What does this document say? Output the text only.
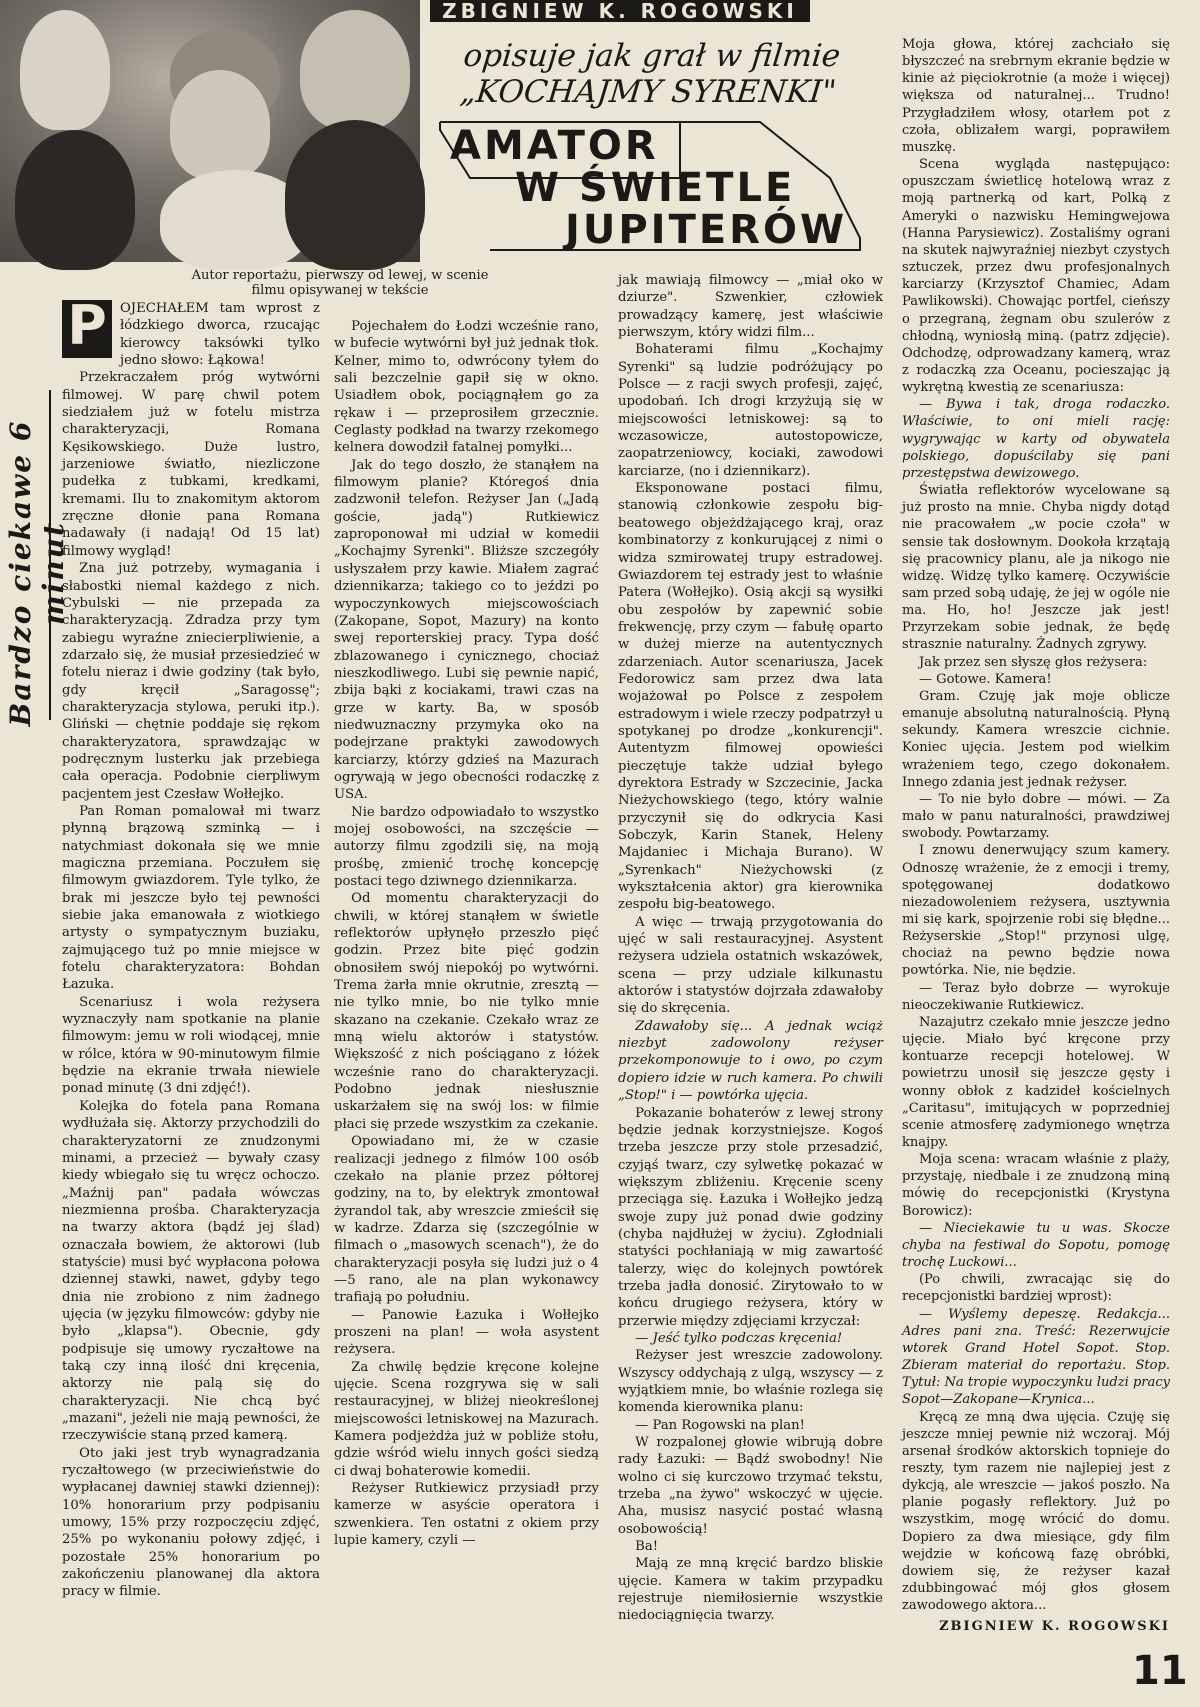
ZBIGNIEW K. ROGOWSKI
opisuje jak grał w filmie
„KOCHAJMY SYRENKI"
AMATOR
W ŚWIETLE
JUPITERÓW
Autor reportażu, pierwszy od lewej, w scenie filmu opisywanej w tekście
Bardzo ciekawe 6 minut
P	OJECHAŁEM tam wprost z łódzkiego dworca, rzucając kierowcy taksówki tylko jedno słowo: Łąkowa!

Przekraczałem próg wytwórni filmowej. W parę chwil potem siedziałem już w fotelu mistrza charakteryzacji, Romana Kęsikowskiego. Duże lustro, jarzeniowe światło, niezliczone pudełka z tubkami, kredkami, kremami. Ilu to znakomitym aktorom zręczne dłonie pana Romana nadawały (i nadają! Od 15 lat) filmowy wygląd!

Zna już potrzeby, wymagania i słabostki niemal każdego z nich. Cybulski — nie przepada za charakteryzacją. Zdradza przy tym zabiegu wyraźne zniecierpliwienie, a zdarzało się, że musiał przesiedzieć w fotelu nieraz i dwie godziny (tak było, gdy kręcił „Saragossę"; charakteryzacja stylowa, peruki itp.). Gliński — chętnie poddaje się rękom charakteryzatora, sprawdzając w podręcznym lusterku jak przebiega cała operacja. Podobnie cierpliwym pacjentem jest Czesław Wołłejko.

Pan Roman pomalował mi twarz płynną brązową szminką — i natychmiast dokonała się we mnie magiczna przemiana. Poczułem się filmowym gwiazdorem. Tyle tylko, że brak mi jeszcze było tej pewności siebie jaka emanowała z wiotkiego artysty o sympatycznym buziaku, zajmującego tuż po mnie miejsce w fotelu charakteryzatora: Bohdan Łazuka.

Scenariusz i wola reżysera wyznaczyły nam spotkanie na planie filmowym: jemu w roli wiodącej, mnie w rólce, która w 90-minutowym filmie będzie na ekranie trwała niewiele ponad minutę (3 dni zdjęć!).

Kolejka do fotela pana Romana wydłużała się. Aktorzy przychodzili do charakteryzatorni ze znudzonymi minami, a przecież — bywały czasy kiedy wbiegało się tu wręcz ochoczo. „Maźnij pan" padała wówczas niezmienna prośba. Charakteryzacja na twarzy aktora (bądź jej ślad) oznaczała bowiem, że aktorowi (lub statyście) musi być wypłacona połowa dziennej stawki, nawet, gdyby tego dnia nie zrobiono z nim żadnego ujęcia (w języku filmowców: gdyby nie było „klapsa"). Obecnie, gdy podpisuje się umowy ryczałtowe na taką czy inną ilość dni kręcenia, aktorzy nie palą się do charakteryzacji. Nie chcą być „mazani", jeżeli nie mają pewności, że rzeczywiście staną przed kamerą.

Oto jaki jest tryb wynagradzania ryczałtowego (w przeciwieństwie do wypłacanej dawniej stawki dziennej): 10% honorarium przy podpisaniu umowy, 15% przy rozpoczęciu zdjęć, 25% po wykonaniu połowy zdjęć, i pozostałe 25% honorarium po zakończeniu planowanej dla aktora pracy w filmie.

Pojechałem do Łodzi wcześnie rano, w bufecie wytwórni był już jednak tłok. Kelner, mimo to, odwrócony tyłem do sali bezczelnie gapił się w okno. Usiadłem obok, pociągnąłem go za rękaw i — przeprosiłem grzecznie. Ceglasty podkład na twarzy rzekomego kelnera dowodził fatalnej pomyłki...

Jak do tego doszło, że stanąłem na filmowym planie? Któregoś dnia zadzwonił telefon. Reżyser Jan („Jadą goście, jadą") Rutkiewicz zaproponował mi udział w komedii „Kochajmy Syrenki". Bliższe szczegóły usłyszałem przy kawie. Miałem zagrać dziennikarza; takiego co to jeździ po wypoczynkowych miejscowościach (Zakopane, Sopot, Mazury) na konto swej reporterskiej pracy. Typa dość zblazowanego i cynicznego, chociaż nieszkodliwego. Lubi się pewnie napić, zbija bąki z kociakami, trawi czas na grze w karty. Ba, w sposób niedwuznaczny przymyka oko na podejrzane praktyki zawodowych karciarzy, którzy gdzieś na Mazurach ogrywają w jego obecności rodaczkę z USA.

Nie bardzo odpowiadało to wszystko mojej osobowości, na szczęście — autorzy filmu zgodzili się, na moją prośbę, zmienić trochę koncepcję postaci tego dziwnego dziennikarza.

Od momentu charakteryzacji do chwili, w której stanąłem w świetle reflektorów upłynęło przeszło pięć godzin. Przez bite pięć godzin obnosiłem swój niepokój po wytwórni. Trema żarła mnie okrutnie, zresztą — nie tylko mnie, bo nie tylko mnie skazano na czekanie. Czekało wraz ze mną wielu aktorów i statystów. Większość z nich pościągano z łóżek wcześnie rano do charakteryzacji. Podobno jednak niesłusznie uskarżałem się na swój los: w filmie płaci się przede wszystkim za czekanie.

Opowiadano mi, że w czasie realizacji jednego z filmów 100 osób czekało na planie przez półtorej godziny, na to, by elektryk zmontował żyrandol tak, aby wreszcie zmieścił się w kadrze. Zdarza się (szczególnie w filmach o „masowych scenach"), że do charakteryzacji posyła się ludzi już o 4—5 rano, ale na plan wykonawcy trafiają po południu.

— Panowie Łazuka i Wołłejko proszeni na plan! — woła asystent reżysera.

Za chwilę będzie kręcone kolejne ujęcie. Scena rozgrywa się w sali restauracyjnej, w bliżej nieokreślonej miejscowości letniskowej na Mazurach. Kamera podjeżdża już w pobliże stołu, gdzie wśród wielu innych gości siedzą ci dwaj bohaterowie komedii.

Reżyser Rutkiewicz przysiadł przy kamerze w asyście operatora i szwenkiera. Ten ostatni z okiem przy lupie kamery, czyli —

jak mawiają filmowcy — „miał oko w dziurze". Szwenkier, człowiek prowadzący kamerę, jest właściwie pierwszym, który widzi film...

Bohaterami filmu „Kochajmy Syrenki" są ludzie podróżujący po Polsce — z racji swych profesji, zajęć, upodobań. Ich drogi krzyżują się w miejscowości letniskowej: są to wczasowicze, autostopowicze, zaopatrzeniowcy, kociaki, zawodowi karciarze, (no i dziennikarz).

Eksponowane postaci filmu, stanowią członkowie zespołu big-beatowego objeżdżającego kraj, oraz kombinatorzy z konkurującej z nimi o widza szmirowatej trupy estradowej. Gwiazdorem tej estrady jest to właśnie Patera (Wołłejko). Osią akcji są wysiłki obu zespołów by zapewnić sobie frekwencję, przy czym — fabułę oparto w dużej mierze na autentycznych zdarzeniach. Autor scenariusza, Jacek Fedorowicz sam przez dwa lata wojażował po Polsce z zespołem estradowym i wiele rzeczy podpatrzył u spotykanej po drodze „konkurencji". Autentyzm filmowej opowieści pieczętuje także udział byłego dyrektora Estrady w Szczecinie, Jacka Nieżychowskiego (tego, który walnie przyczynił się do odkrycia Kasi Sobczyk, Karin Stanek, Heleny Majdaniec i Michaja Burano). W „Syrenkach" Nieżychowski (z wykształcenia aktor) gra kierownika zespołu big-beatowego.

A więc — trwają przygotowania do ujęć w sali restauracyjnej. Asystent reżysera udziela ostatnich wskazówek, scena — przy udziale kilkunastu aktorów i statystów dojrzała zdawałoby się do skręcenia.

Zdawałoby się... A jednak wciąż niezbyt zadowolony reżyser przekomponowuje to i owo, po czym dopiero idzie w ruch kamera. Po chwili „Stop!" i — powtórka ujęcia.

Pokazanie bohaterów z lewej strony będzie jednak korzystniejsze. Kogoś trzeba jeszcze przy stole przesadzić, czyjąś twarz, czy sylwetkę pokazać w większym zbliżeniu. Kręcenie sceny przeciąga się. Łazuka i Wołłejko jedzą swoje zupy już ponad dwie godziny (chyba najdłużej w życiu). Zgłodniali statyści pochłaniają w mig zawartość talerzy, więc do kolejnych powtórek trzeba jadła donosić. Zirytowało to w końcu drugiego reżysera, który w przerwie między zdjęciami krzyczał:

— Jeść tylko podczas kręcenia!

Reżyser jest wreszcie zadowolony. Wszyscy oddychają z ulgą, wszyscy — z wyjątkiem mnie, bo właśnie rozlega się komenda kierownika planu:

— Pan Rogowski na plan!

W rozpalonej głowie wibrują dobre rady Łazuki: — Bądź swobodny! Nie wolno ci się kurczowo trzymać tekstu, trzeba „na żywo" wskoczyć w ujęcie. Aha, musisz nasycić postać własną osobowością!

Ba!

Mają ze mną kręcić bardzo bliskie ujęcie. Kamera w takim przypadku rejestruje niemiłosiernie wszystkie niedociągnięcia twarzy.

Moja głowa, której zachciało się błyszczeć na srebrnym ekranie będzie w kinie aż pięciokrotnie (a może i więcej) większa od naturalnej... Trudno! Przygładziłem włosy, otarłem pot z czoła, oblizałem wargi, poprawiłem muszkę.

Scena wygląda następująco: opuszczam świetlicę hotelową wraz z moją partnerką od kart, Polką z Ameryki o nazwisku Hemingwejowa (Hanna Parysiewicz). Zostaliśmy ograni na skutek najwyraźniej niezbyt czystych sztuczek, przez dwu profesjonalnych karciarzy (Krzysztof Chamiec, Adam Pawlikowski). Chowając portfel, cieńszy o przegraną, żegnam obu szulerów z chłodną, wyniosłą miną. (patrz zdjęcie). Odchodzę, odprowadzany kamerą, wraz z rodaczką zza Oceanu, pocieszając ją wykrętną kwestią ze scenariusza:

— Bywa i tak, droga rodaczko. Właściwie, to oni mieli rację: wygrywając w karty od obywatela polskiego, dopuścilaby się pani przestępstwa dewizowego.

Światła reflektorów wycelowane są już prosto na mnie. Chyba nigdy dotąd nie pracowałem „w pocie czoła" w sensie tak dosłownym. Dookoła krzątają się pracownicy planu, ale ja nikogo nie widzę. Widzę tylko kamerę. Oczywiście sam przed sobą udaję, że jej w ogóle nie ma. Ho, ho! Jeszcze jak jest! Przyrzekam sobie jednak, że będę strasznie naturalny. Żadnych zgrywy.

Jak przez sen słyszę głos reżysera:

— Gotowe. Kamera!

Gram. Czuję jak moje oblicze emanuje absolutną naturalnością. Płyną sekundy. Kamera wreszcie cichnie. Koniec ujęcia. Jestem pod wielkim wrażeniem tego, czego dokonałem. Innego zdania jest jednak reżyser.

— To nie było dobre — mówi. — Za mało w panu naturalności, prawdziwej swobody. Powtarzamy.

I znowu denerwujący szum kamery. Odnoszę wrażenie, że z emocji i tremy, spotęgowanej dodatkowo niezadowoleniem reżysera, usztywnia mi się kark, spojrzenie robi się błędne... Reżyserskie „Stop!" przynosi ulgę, chociaż na pewno będzie nowa powtórka. Nie, nie będzie.

— Teraz było dobrze — wyrokuje nieoczekiwanie Rutkiewicz.

Nazajutrz czekało mnie jeszcze jedno ujęcie. Miało być kręcone przy kontuarze recepcji hotelowej. W powietrzu unosił się jeszcze gęsty i wonny obłok z kadzideł kościelnych „Caritasu", imitujących w poprzedniej scenie atmosferę zadymionego wnętrza knajpy.

Moja scena: wracam właśnie z plaży, przystaję, niedbale i ze znudzoną miną mówię do recepcjonistki (Krystyna Borowicz):

— Nieciekawie tu u was. Skocze chyba na festiwal do Sopotu, pomogę trochę Luckowi...

(Po chwili, zwracając się do recepcjonistki bardziej wprost):

— Wyślemy depeszę. Redakcja... Adres pani zna. Treść: Rezerwujcie wtorek Grand Hotel Sopot. Stop. Zbieram materiał do reportażu. Stop. Tytuł: Na tropie wypoczynku ludzi pracy Sopot—Zakopane—Krynica...

Kręcą ze mną dwa ujęcia. Czuję się jeszcze mniej pewnie niż wczoraj. Mój arsenał środków aktorskich topnieje do reszty, tym razem nie najlepiej jest z dykcją, ale wreszcie — jakoś poszło. Na planie pogasły reflektory. Już po wszystkim, mogę wrócić do domu. Dopiero za dwa miesiące, gdy film wejdzie w końcową fazę obróbki, dowiem się, że reżyser kazał zdubbingować mój głos głosem zawodowego aktora...

ZBIGNIEW K. ROGOWSKI
11
